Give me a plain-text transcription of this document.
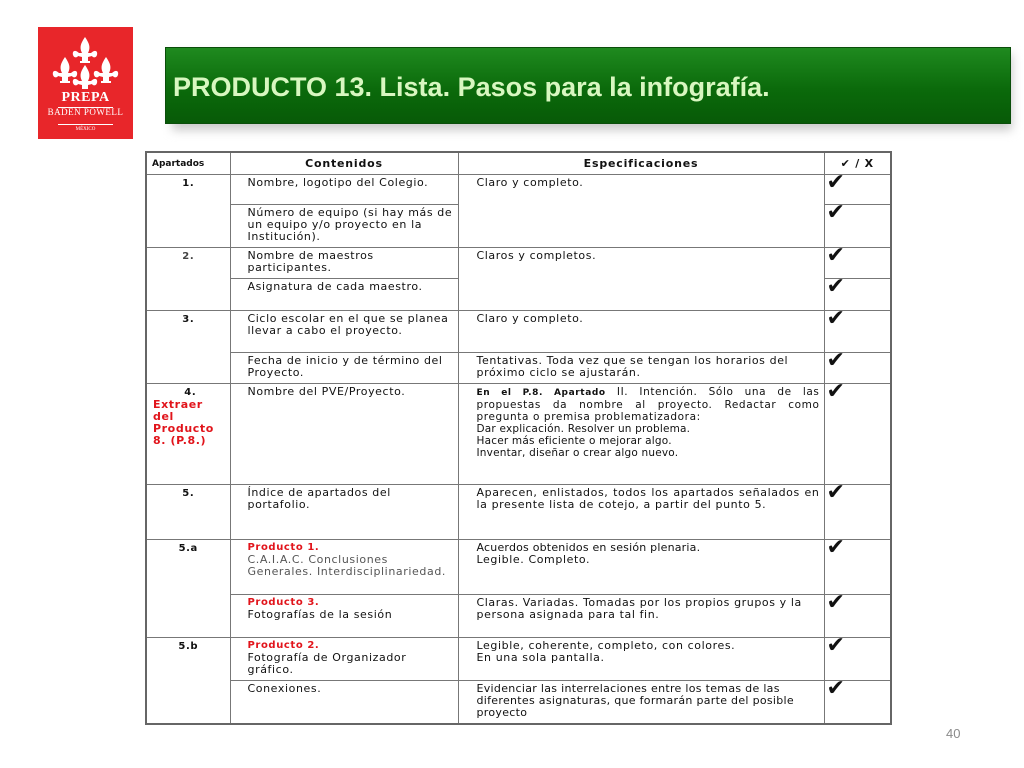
PREPA
BADEN POWELL
MÉXICO
PRODUCTO 13. Lista. Pasos para la infografía.
Apartados	Contenidos	Especificaciones	✔ / X
1.	Nombre, logotipo del Colegio.	Claro y completo.	✔

	Número de equipo (si hay más de un equipo y/o proyecto en la Institución).		✔

2.	Nombre de maestros participantes.	Claros y completos.	✔

	Asignatura de cada maestro.		✔

3.	Ciclo escolar en el que se planea llevar a cabo el proyecto.	Claro y completo.	✔

	Fecha de inicio y de término del Proyecto.	Tentativas. Toda vez que se tengan los horarios del próximo ciclo se ajustarán.	✔

4.
Extraer del Producto 8. (P.8.)	Nombre del PVE/Proyecto.	En el P.8. Apartado II. Intención. Sólo una de las propuestas da nombre al proyecto. Redactar como pregunta o premisa problematizadora:
Dar explicación. Resolver un problema.
Hacer más eficiente o mejorar algo.
Inventar, diseñar o crear algo nuevo.	✔

5.	Índice de apartados del portafolio.	Aparecen, enlistados, todos los apartados señalados en la presente lista de cotejo, a partir del punto 5.	✔

5.a	Producto 1.
C.A.I.A.C. Conclusiones Generales. Interdisciplinariedad.	Acuerdos obtenidos en sesión plenaria.
Legible. Completo.	✔

	Producto 3.
Fotografías de la sesión	Claras. Variadas. Tomadas por los propios grupos y la persona asignada para tal fin.	✔

5.b	Producto 2.
Fotografía de Organizador gráfico.	Legible, coherente, completo, con colores.
En una sola pantalla.	✔

	Conexiones.	Evidenciar las interrelaciones entre los temas de las diferentes asignaturas, que formarán parte del posible proyecto	✔
40
